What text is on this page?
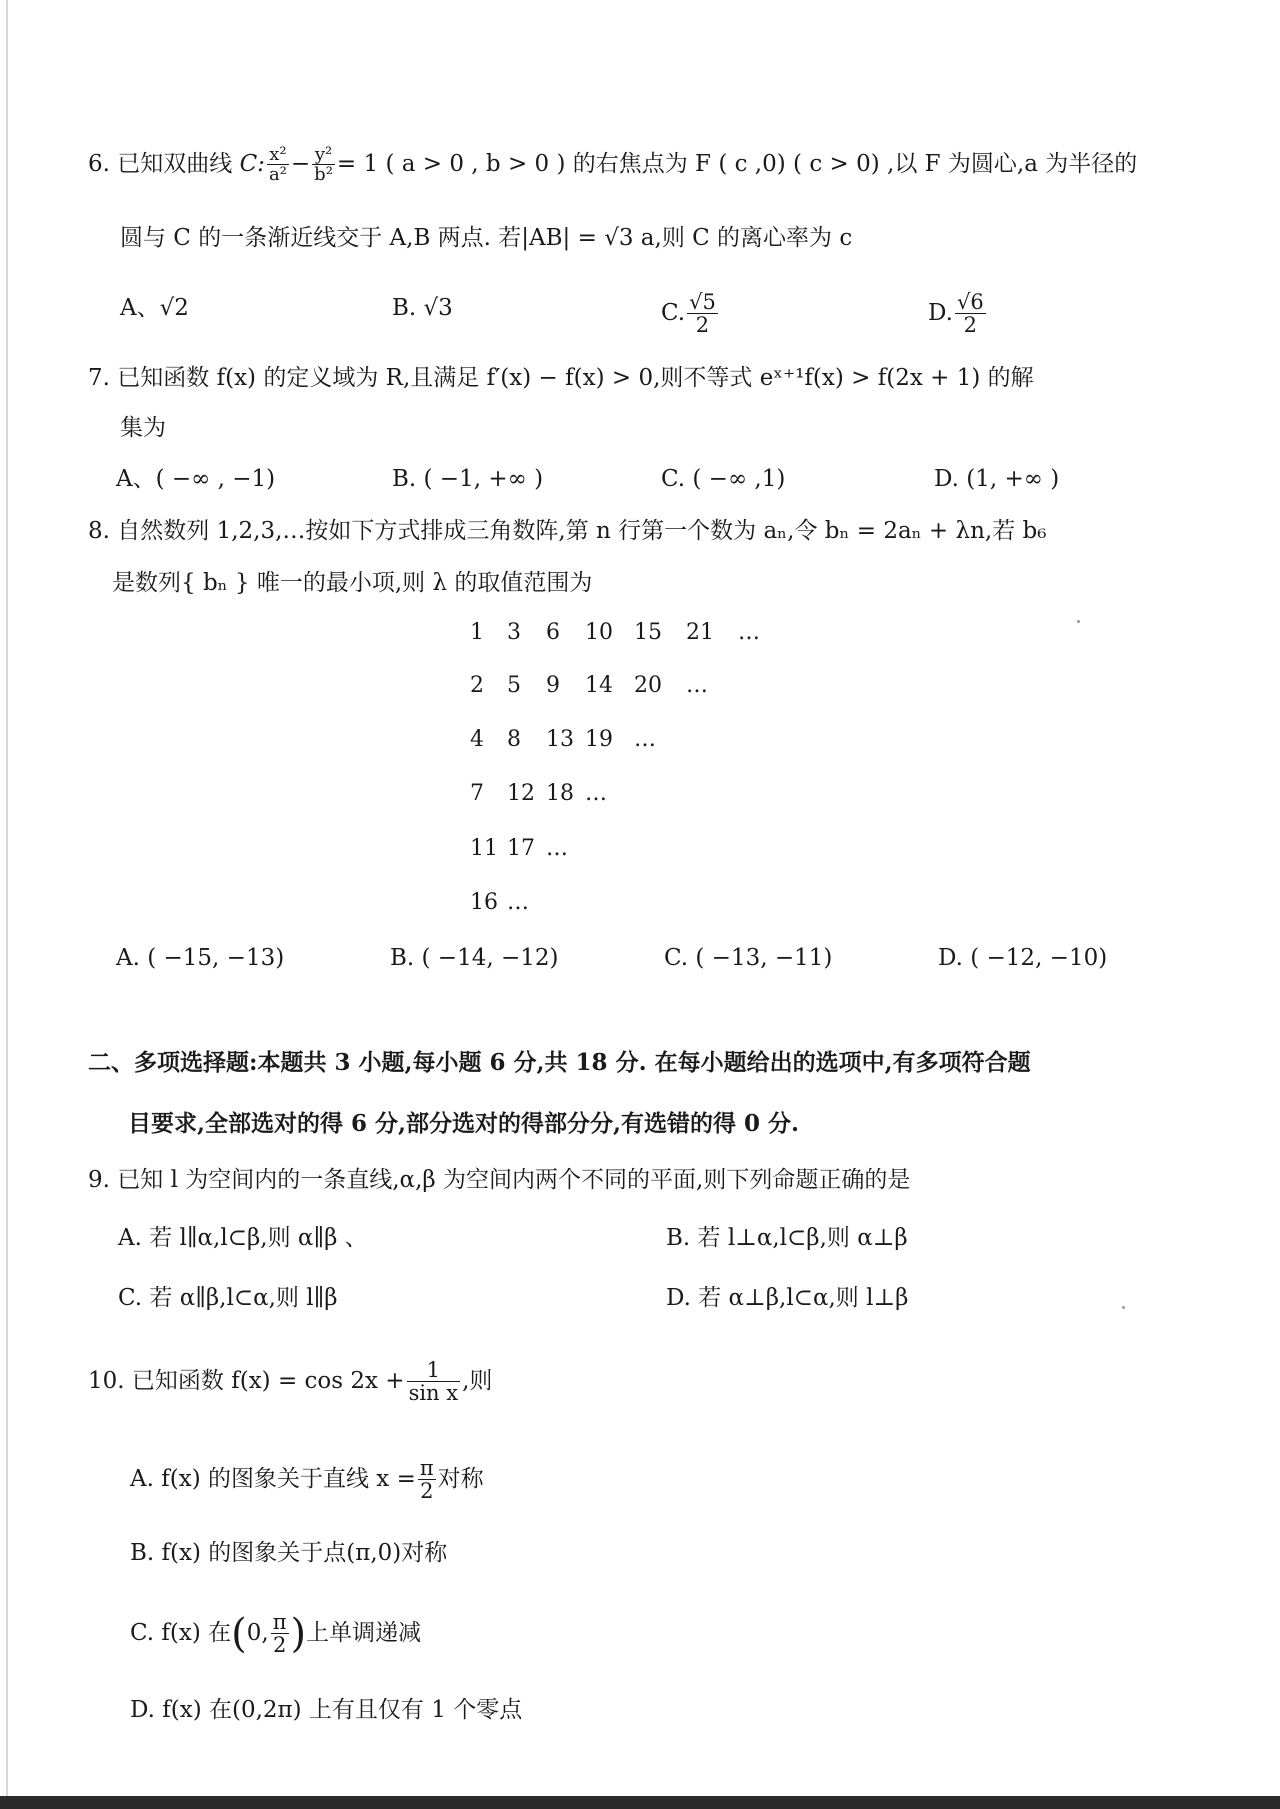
6. 已知双曲线 C: $\frac{\text{x²}}{\text{a²}} - \frac{\text{y²}}{\text{b²}} = 1$ ( a > 0 , b > 0 ) 的右焦点为 F ( c ,0) ( c > 0) ,以 F 为圆心,a 为半径的
圆与 C 的一条渐近线交于 A,B 两点. 若|AB| = √3 a,则 C 的离心率为 c
A、√2	B. √3	C. $\frac{√5}{2}$	D. $\frac{√6}{2}$
7. 已知函数 f(x) 的定义域为 R,且满足 f′(x) − f(x) > 0,则不等式 eˣ⁺¹f(x) > f(2x + 1) 的解
集为
A、( −∞ , −1)	B. ( −1, +∞ )	C. ( −∞ ,1)	D. (1, +∞ )
8. 自然数列 1,2,3,…按如下方式排成三角数阵,第 n 行第一个数为 aₙ,令 bₙ = 2aₙ + λn,若 b₆
是数列{ bₙ } 唯一的最小项,则 λ 的取值范围为
1 3 6 10 15 21 …
2 5 9 14 20 …
4 8 13 19 …
7 12 18 …
11 17 …
16 …
A. ( −15, −13)	B. ( −14, −12)	C. ( −13, −11)	D. ( −12, −10)
二、多项选择题:本题共 3 小题,每小题 6 分,共 18 分. 在每小题给出的选项中,有多项符合题
目要求,全部选对的得 6 分,部分选对的得部分分,有选错的得 0 分.
9. 已知 l 为空间内的一条直线,α,β 为空间内两个不同的平面,则下列命题正确的是
A. 若 l∥α,l⊂β,则 α∥β 、	B. 若 l⊥α,l⊂β,则 α⊥β
C. 若 α∥β,l⊂α,则 l∥β	D. 若 α⊥β,l⊂α,则 l⊥β
10. 已知函数 $f(x) = \cos 2x + \frac{1}{\text{sin x}}$ ,则
A. f(x) 的图象关于直线 $x = \frac{\pi}{2}$ 对称
B. f(x) 的图象关于点(π,0)对称
C. f(x) 在(0, $\frac{\pi}{2}$ )上单调递减
D. f(x) 在(0,2π) 上有且仅有 1 个零点
